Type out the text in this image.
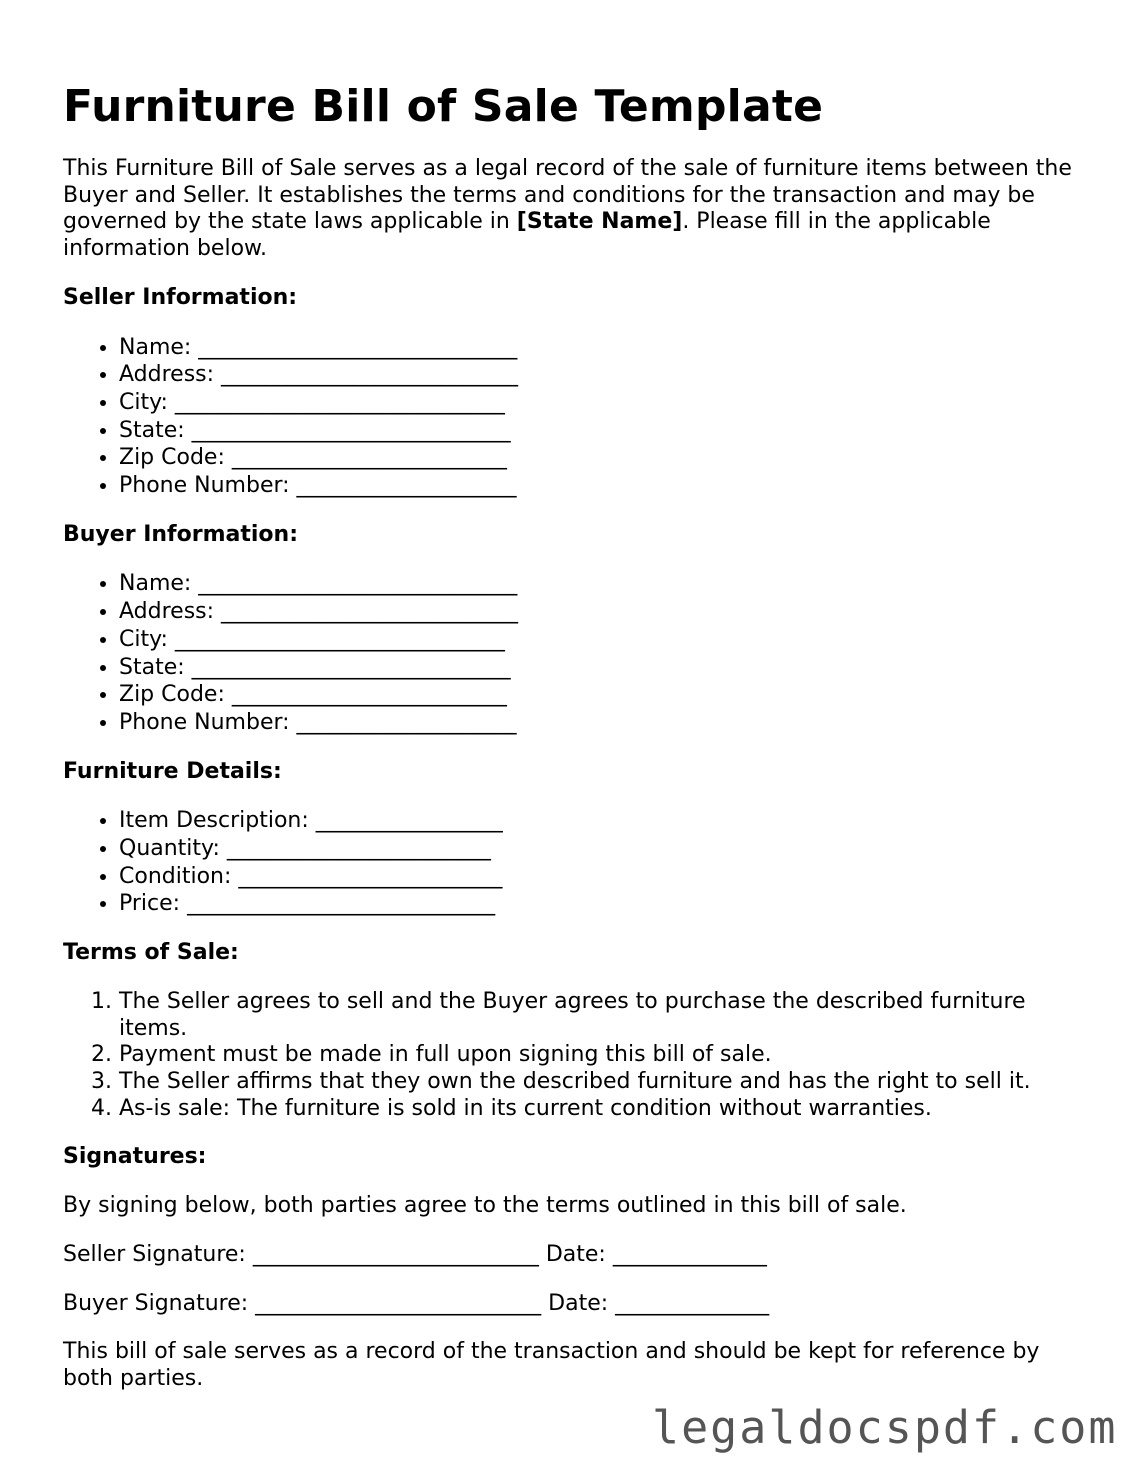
Furniture Bill of Sale Template

This Furniture Bill of Sale serves as a legal record of the sale of furniture items between the Buyer and Seller. It establishes the terms and conditions for the transaction and may be governed by the state laws applicable in [State Name]. Please fill in the applicable information below.

Seller Information:
• Name: _____________________________
• Address: ___________________________
• City: ______________________________
• State: _____________________________
• Zip Code: _________________________
• Phone Number: ____________________
Buyer Information:
• Name: _____________________________
• Address: ___________________________
• City: ______________________________
• State: _____________________________
• Zip Code: _________________________
• Phone Number: ____________________
Furniture Details:
• Item Description: _________________
• Quantity: ________________________
• Condition: ________________________
• Price: ____________________________
Terms of Sale:
1. The Seller agrees to sell and the Buyer agrees to purchase the described furniture items.
2. Payment must be made in full upon signing this bill of sale.
3. The Seller affirms that they own the described furniture and has the right to sell it.
4. As-is sale: The furniture is sold in its current condition without warranties.
Signatures:

By signing below, both parties agree to the terms outlined in this bill of sale.

Seller Signature: __________________________ Date: ______________

Buyer Signature: __________________________ Date: ______________

This bill of sale serves as a record of the transaction and should be kept for reference by both parties.

legaldocspdf.com
